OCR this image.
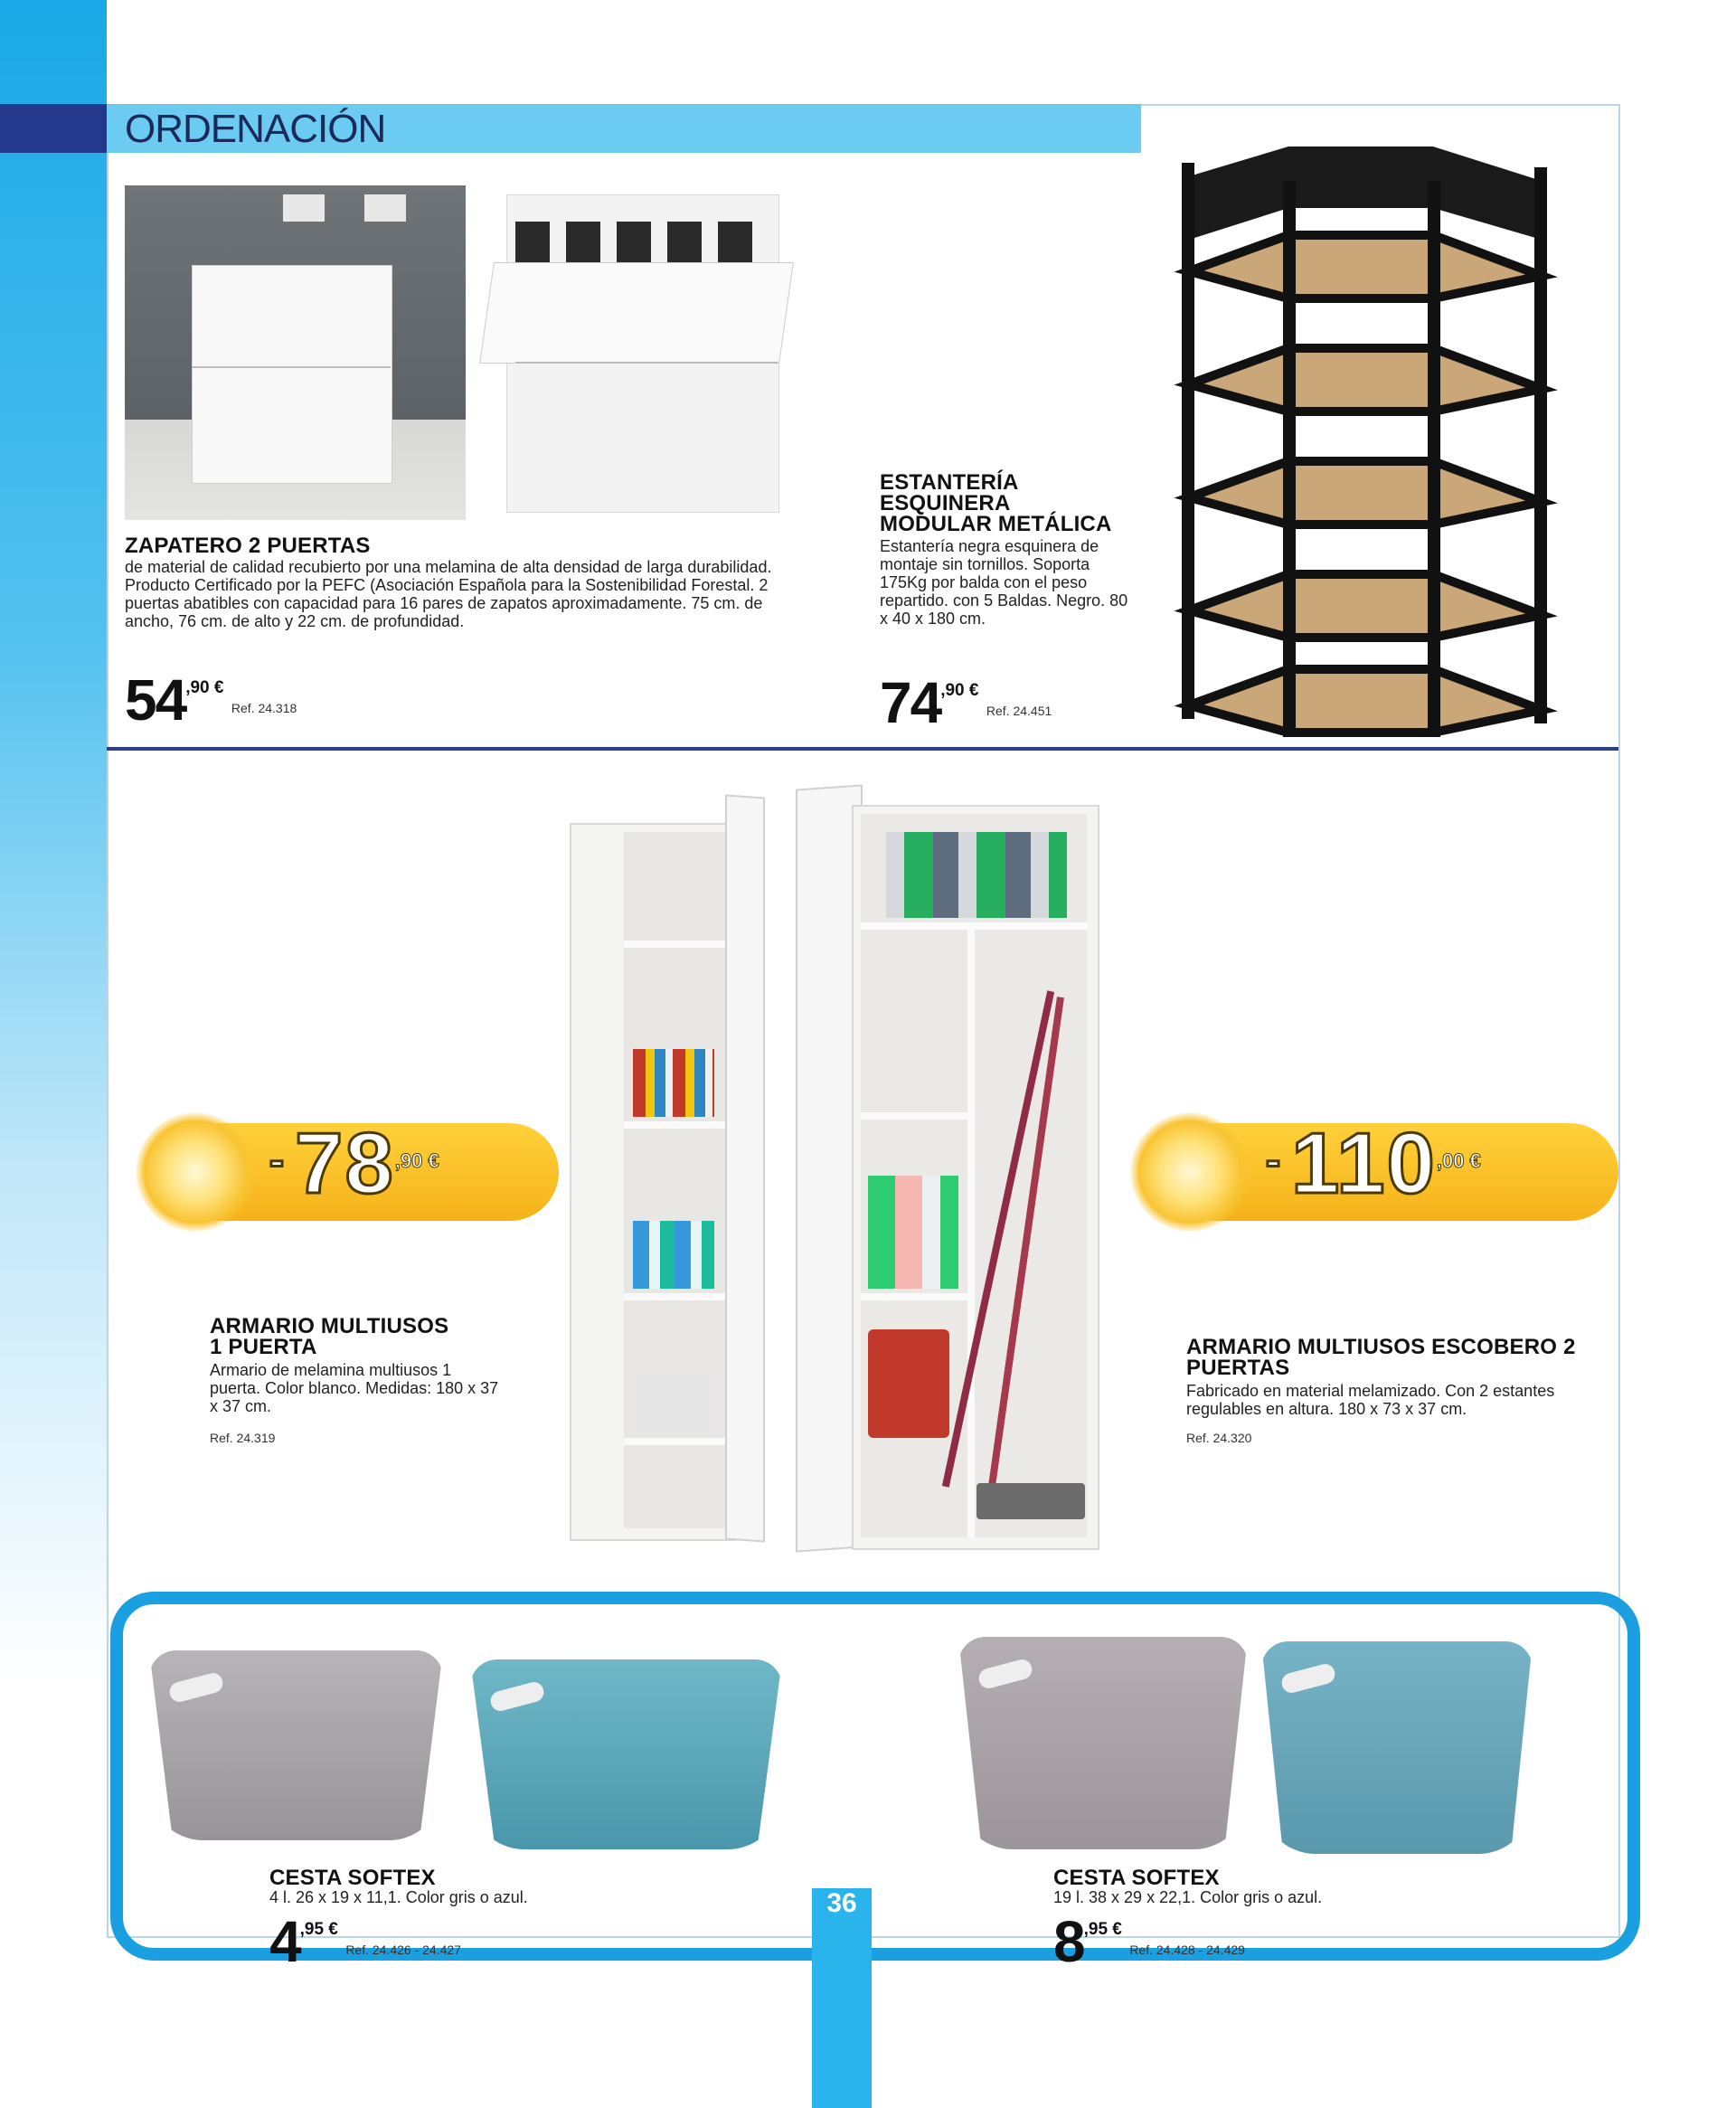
ORDENACIÓN
ZAPATERO 2 PUERTAS
de material de calidad recubierto por una melamina de alta densidad de larga durabilidad. Producto Certificado por la PEFC (Asociación Española para la Sostenibilidad Forestal. 2 puertas abatibles con capacidad para 16 pares de zapatos aproximadamente. 75 cm. de ancho, 76 cm. de alto y 22 cm. de profundidad.
54,90 € Ref. 24.318
ESTANTERÍA
ESQUINERA
MODULAR METÁLICA
Estantería negra esquinera de montaje sin tornillos. Soporta 175Kg por balda con el peso repartido. con 5 Baldas. Negro. 80 x 40 x 180 cm.
74,90 € Ref. 24.451
- 78,90 €	- 110,00 €
ARMARIO MULTIUSOS
1 PUERTA
Armario de melamina multiusos 1 puerta. Color blanco. Medidas: 180 x 37 x 37 cm.
Ref. 24.319
ARMARIO MULTIUSOS ESCOBERO 2
PUERTAS
Fabricado en material melamizado. Con 2 estantes regulables en altura. 180 x 73 x 37 cm.
Ref. 24.320
CESTA SOFTEX
4 l. 26 x 19 x 11,1. Color gris o azul.
4,95 € Ref. 24.426 - 24.427
CESTA SOFTEX
19 l. 38 x 29 x 22,1. Color gris o azul.
8,95 € Ref. 24.428 - 24.429
36
